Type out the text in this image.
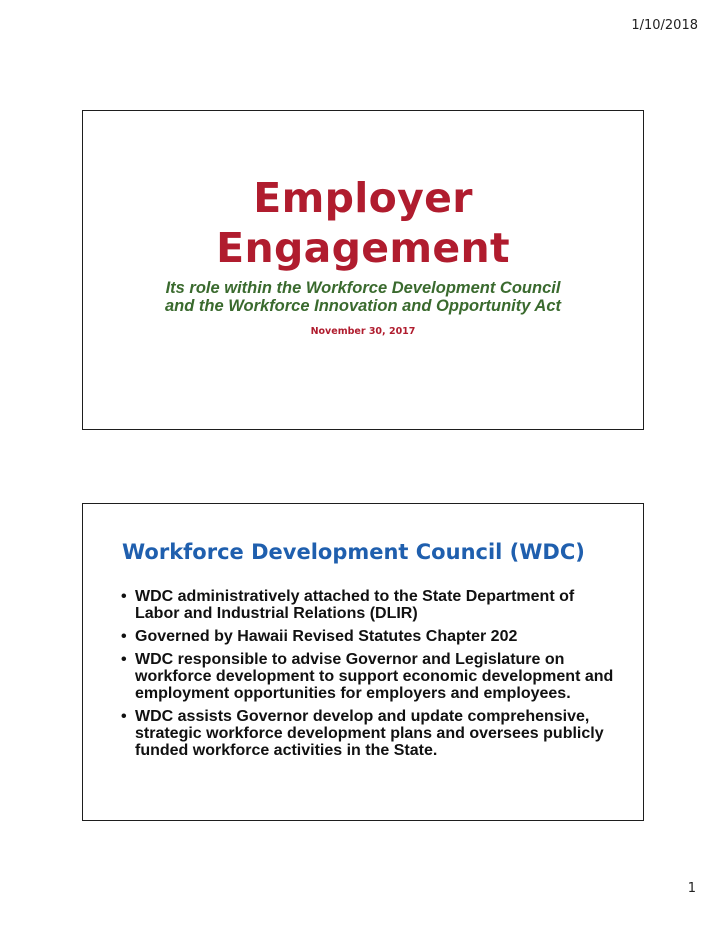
1/10/2018
Employer
Engagement
Its role within the Workforce Development Council
and the Workforce Innovation and Opportunity Act
November 30, 2017
Workforce Development Council (WDC)
• WDC administratively attached to the State Department of Labor and Industrial Relations (DLIR)
• Governed by Hawaii Revised Statutes Chapter 202
• WDC responsible to advise Governor and Legislature on workforce development to support economic development and employment opportunities for employers and employees.
• WDC assists Governor develop and update comprehensive, strategic workforce development plans and oversees publicly funded workforce activities in the State.
1
